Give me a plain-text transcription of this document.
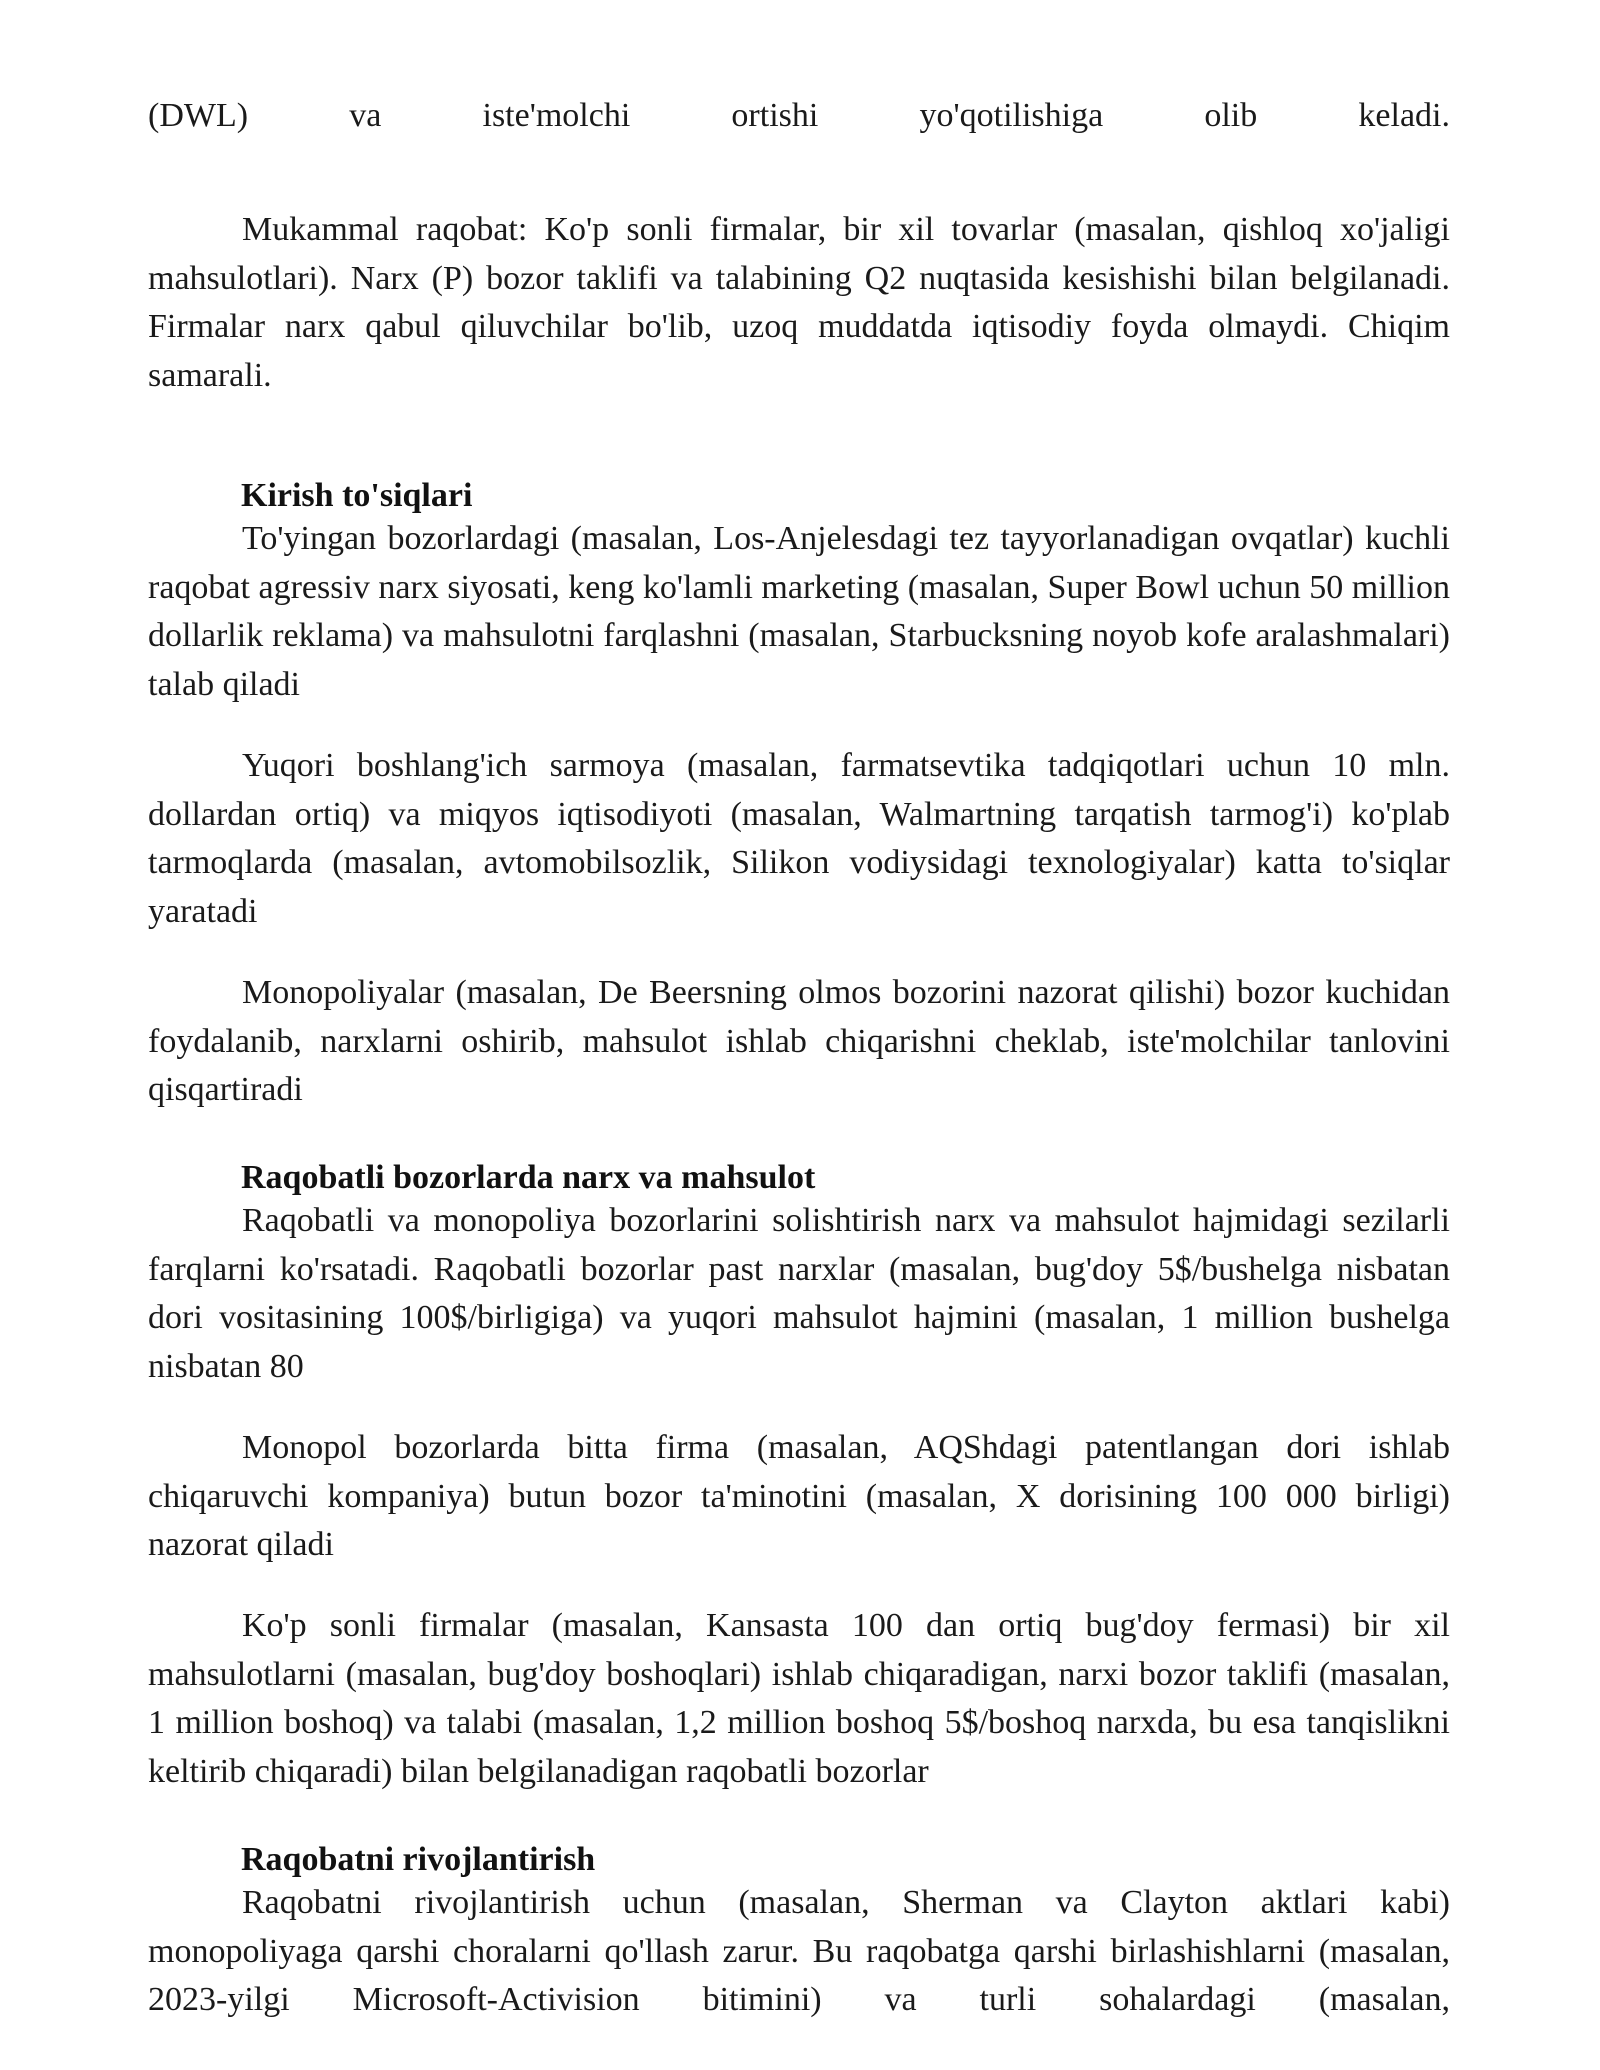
(DWL) va iste'molchi ortishi yo'qotilishiga olib keladi.

Mukammal raqobat: Ko'p sonli firmalar, bir xil tovarlar (masalan, qishloq xo'jaligi mahsulotlari). Narx (P) bozor taklifi va talabining Q2 nuqtasida kesishishi bilan belgilanadi. Firmalar narx qabul qiluvchilar bo'lib, uzoq muddatda iqtisodiy foyda olmaydi. Chiqim samarali.

Kirish to'siqlari

To'yingan bozorlardagi (masalan, Los-Anjelesdagi tez tayyorlanadigan ovqatlar) kuchli raqobat agressiv narx siyosati, keng ko'lamli marketing (masalan, Super Bowl uchun 50 million dollarlik reklama) va mahsulotni farqlashni (masalan, Starbucksning noyob kofe aralashmalari) talab qiladi

Yuqori boshlang'ich sarmoya (masalan, farmatsevtika tadqiqotlari uchun 10 mln. dollardan ortiq) va miqyos iqtisodiyoti (masalan, Walmartning tarqatish tarmog'i) ko'plab tarmoqlarda (masalan, avtomobilsozlik, Silikon vodiysidagi texnologiyalar) katta to'siqlar yaratadi

Monopoliyalar (masalan, De Beersning olmos bozorini nazorat qilishi) bozor kuchidan foydalanib, narxlarni oshirib, mahsulot ishlab chiqarishni cheklab, iste'molchilar tanlovini qisqartiradi

Raqobatli bozorlarda narx va mahsulot

Raqobatli va monopoliya bozorlarini solishtirish narx va mahsulot hajmidagi sezilarli farqlarni ko'rsatadi. Raqobatli bozorlar past narxlar (masalan, bug'doy 5$/bushelga nisbatan dori vositasining 100$/birligiga) va yuqori mahsulot hajmini (masalan, 1 million bushelga nisbatan 80

Monopol bozorlarda bitta firma (masalan, AQShdagi patentlangan dori ishlab chiqaruvchi kompaniya) butun bozor ta'minotini (masalan, X dorisining 100 000 birligi) nazorat qiladi

Ko'p sonli firmalar (masalan, Kansasta 100 dan ortiq bug'doy fermasi) bir xil mahsulotlarni (masalan, bug'doy boshoqlari) ishlab chiqaradigan, narxi bozor taklifi (masalan, 1 million boshoq) va talabi (masalan, 1,2 million boshoq 5$/boshoq narxda, bu esa tanqislikni keltirib chiqaradi) bilan belgilanadigan raqobatli bozorlar

Raqobatni rivojlantirish

Raqobatni rivojlantirish uchun (masalan, Sherman va Clayton aktlari kabi) monopoliyaga qarshi choralarni qo'llash zarur. Bu raqobatga qarshi birlashishlarni (masalan, 2023-yilgi Microsoft-Activision bitimini) va turli sohalardagi (masalan,
